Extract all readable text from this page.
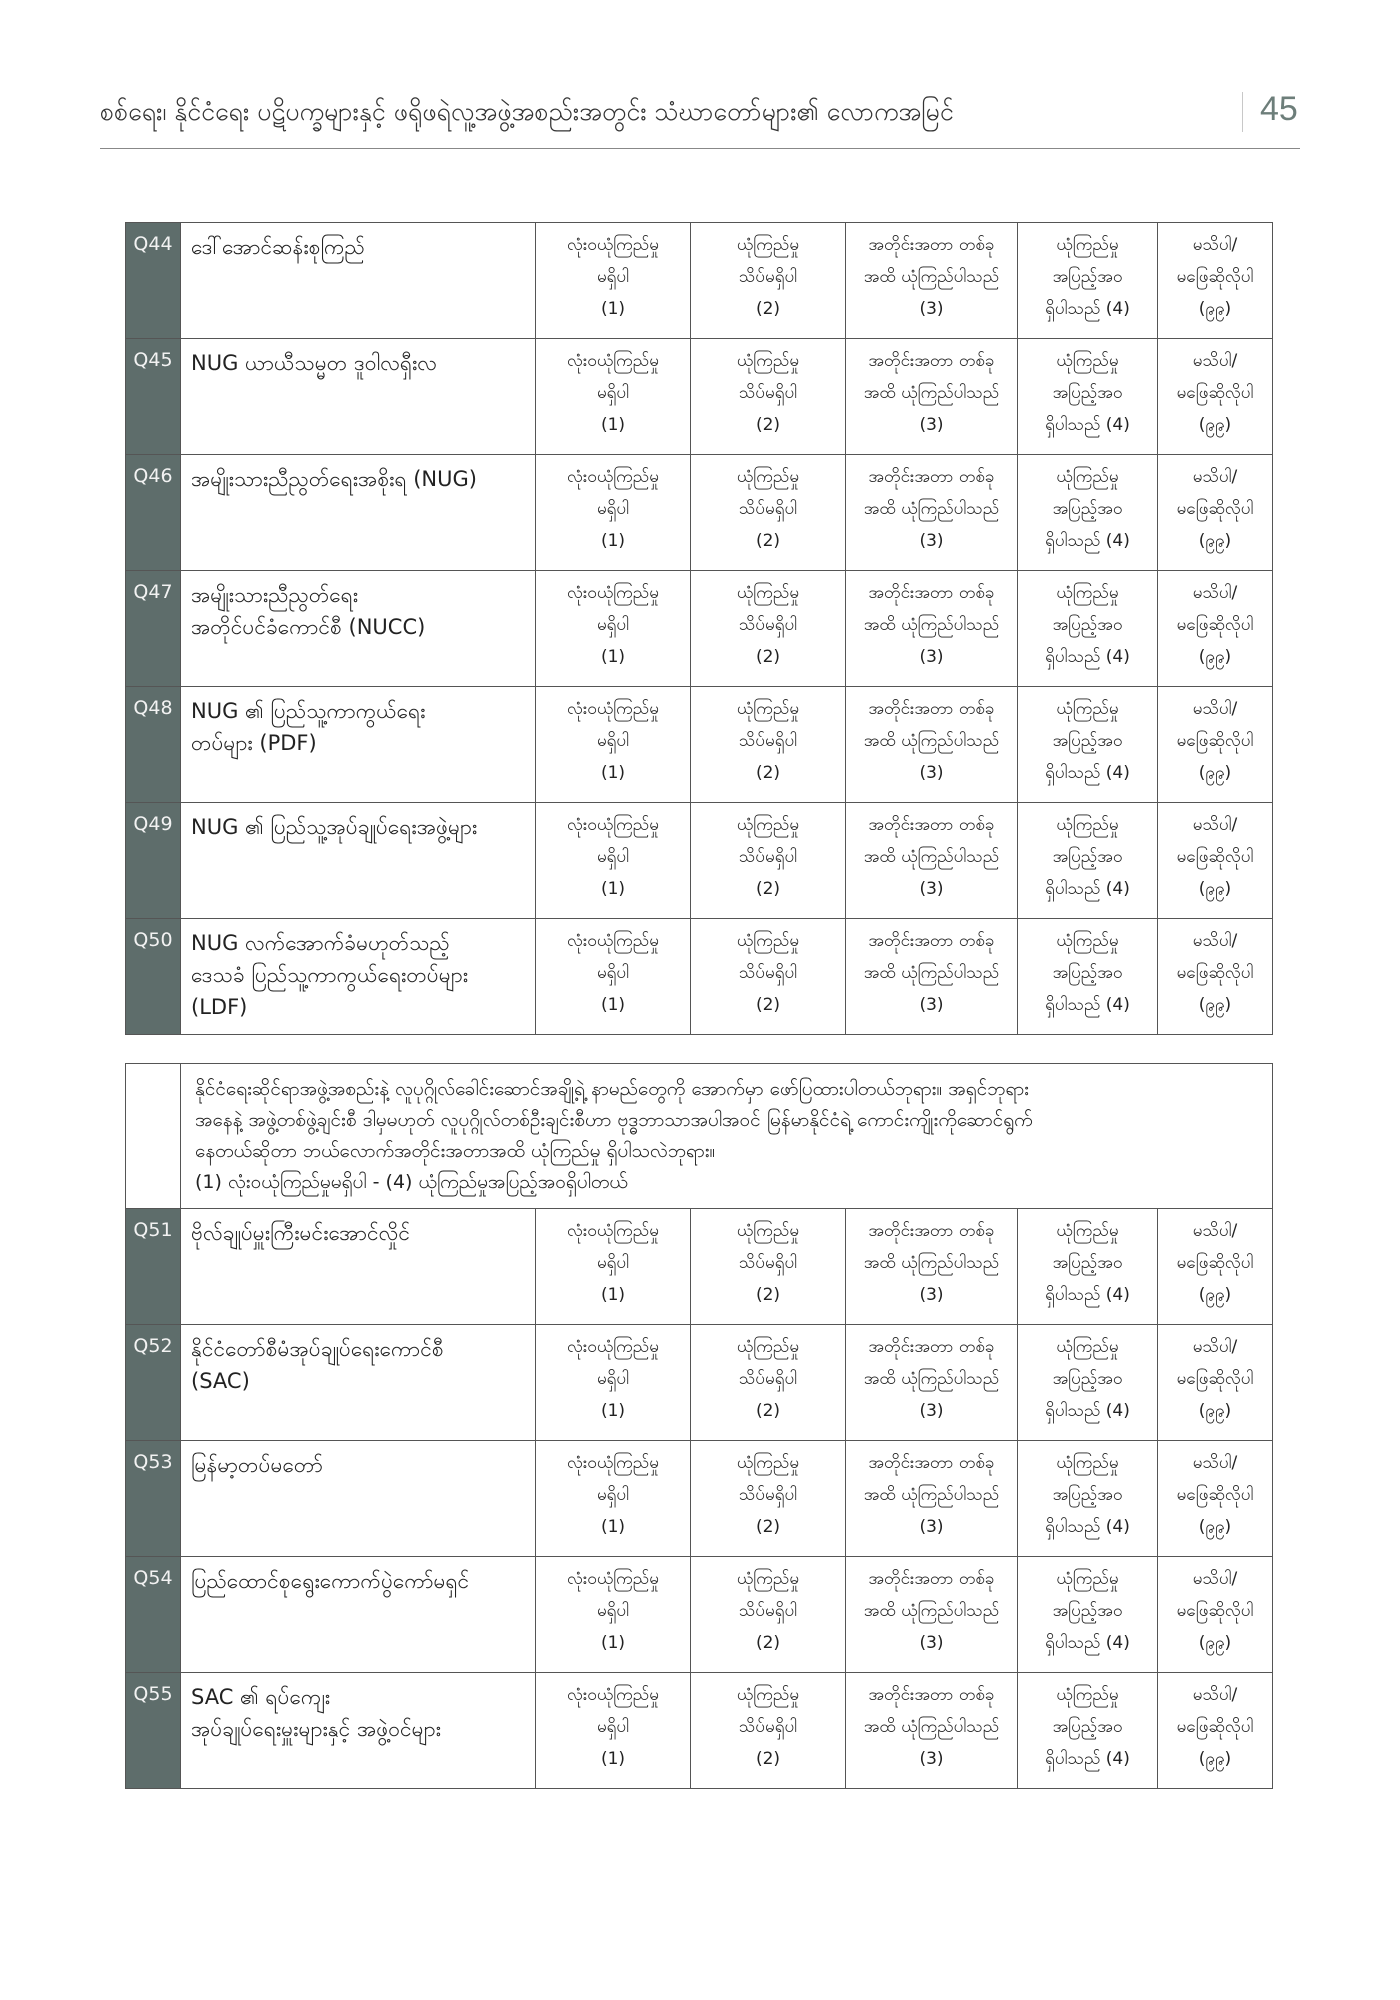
စစ်ရေး၊ နိုင်ငံရေး ပဋိပက္ခများနှင့် ဖရိုဖရဲလူ့အဖွဲ့အစည်းအတွင်း သံဃာတော်များ၏ လောကအမြင်	45
Q44	ဒေါ်အောင်ဆန်းစုကြည်	လုံးဝယုံကြည်မှု
မရှိပါ
(1)	ယုံကြည်မှု
သိပ်မရှိပါ
(2)	အတိုင်းအတာ တစ်ခု
အထိ ယုံကြည်ပါသည်
(3)	ယုံကြည်မှု
အပြည့်အဝ
ရှိပါသည် (4)	မသိပါ/
မဖြေဆိုလိုပါ
(၉၉)

Q45	NUG ယာယီသမ္မတ ဒူဝါလရှီးလ	လုံးဝယုံကြည်မှု
မရှိပါ
(1)	ယုံကြည်မှု
သိပ်မရှိပါ
(2)	အတိုင်းအတာ တစ်ခု
အထိ ယုံကြည်ပါသည်
(3)	ယုံကြည်မှု
အပြည့်အဝ
ရှိပါသည် (4)	မသိပါ/
မဖြေဆိုလိုပါ
(၉၉)

Q46	အမျိုးသားညီညွတ်ရေးအစိုးရ (NUG)	လုံးဝယုံကြည်မှု
မရှိပါ
(1)	ယုံကြည်မှု
သိပ်မရှိပါ
(2)	အတိုင်းအတာ တစ်ခု
အထိ ယုံကြည်ပါသည်
(3)	ယုံကြည်မှု
အပြည့်အဝ
ရှိပါသည် (4)	မသိပါ/
မဖြေဆိုလိုပါ
(၉၉)

Q47	အမျိုးသားညီညွတ်ရေး
အတိုင်ပင်ခံကောင်စီ (NUCC)	လုံးဝယုံကြည်မှု
မရှိပါ
(1)	ယုံကြည်မှု
သိပ်မရှိပါ
(2)	အတိုင်းအတာ တစ်ခု
အထိ ယုံကြည်ပါသည်
(3)	ယုံကြည်မှု
အပြည့်အဝ
ရှိပါသည် (4)	မသိပါ/
မဖြေဆိုလိုပါ
(၉၉)

Q48	NUG ၏ ပြည်သူ့ကာကွယ်ရေး
တပ်များ (PDF)	လုံးဝယုံကြည်မှု
မရှိပါ
(1)	ယုံကြည်မှု
သိပ်မရှိပါ
(2)	အတိုင်းအတာ တစ်ခု
အထိ ယုံကြည်ပါသည်
(3)	ယုံကြည်မှု
အပြည့်အဝ
ရှိပါသည် (4)	မသိပါ/
မဖြေဆိုလိုပါ
(၉၉)

Q49	NUG ၏ ပြည်သူ့အုပ်ချုပ်ရေးအဖွဲ့များ	လုံးဝယုံကြည်မှု
မရှိပါ
(1)	ယုံကြည်မှု
သိပ်မရှိပါ
(2)	အတိုင်းအတာ တစ်ခု
အထိ ယုံကြည်ပါသည်
(3)	ယုံကြည်မှု
အပြည့်အဝ
ရှိပါသည် (4)	မသိပါ/
မဖြေဆိုလိုပါ
(၉၉)

Q50	NUG လက်အောက်ခံမဟုတ်သည့်
ဒေသခံ ပြည်သူ့ကာကွယ်ရေးတပ်များ
(LDF)	လုံးဝယုံကြည်မှု
မရှိပါ
(1)	ယုံကြည်မှု
သိပ်မရှိပါ
(2)	အတိုင်းအတာ တစ်ခု
အထိ ယုံကြည်ပါသည်
(3)	ယုံကြည်မှု
အပြည့်အဝ
ရှိပါသည် (4)	မသိပါ/
မဖြေဆိုလိုပါ
(၉၉)

	နိုင်ငံရေးဆိုင်ရာအဖွဲ့အစည်းနဲ့ လူပုဂ္ဂိုလ်ခေါင်းဆောင်အချို့ရဲ့ နာမည်တွေကို အောက်မှာ ဖော်ပြထားပါတယ်ဘုရား။ အရှင်ဘုရား
အနေနဲ့ အဖွဲ့တစ်ဖွဲ့ချင်းစီ ဒါမှမဟုတ် လူပုဂ္ဂိုလ်တစ်ဦးချင်းစီဟာ ဗုဒ္ဓဘာသာအပါအဝင် မြန်မာနိုင်ငံရဲ့ ကောင်းကျိုးကိုဆောင်ရွက်
နေတယ်ဆိုတာ ဘယ်လောက်အတိုင်းအတာအထိ ယုံကြည်မှု ရှိပါသလဲဘုရား။
(1) လုံးဝယုံကြည်မှုမရှိပါ - (4) ယုံကြည်မှုအပြည့်အဝရှိပါတယ်					

Q51	ဗိုလ်ချုပ်မှူးကြီးမင်းအောင်လှိုင်	လုံးဝယုံကြည်မှု
မရှိပါ
(1)	ယုံကြည်မှု
သိပ်မရှိပါ
(2)	အတိုင်းအတာ တစ်ခု
အထိ ယုံကြည်ပါသည်
(3)	ယုံကြည်မှု
အပြည့်အဝ
ရှိပါသည် (4)	မသိပါ/
မဖြေဆိုလိုပါ
(၉၉)

Q52	နိုင်ငံတော်စီမံအုပ်ချုပ်ရေးကောင်စီ
(SAC)	လုံးဝယုံကြည်မှု
မရှိပါ
(1)	ယုံကြည်မှု
သိပ်မရှိပါ
(2)	အတိုင်းအတာ တစ်ခု
အထိ ယုံကြည်ပါသည်
(3)	ယုံကြည်မှု
အပြည့်အဝ
ရှိပါသည် (4)	မသိပါ/
မဖြေဆိုလိုပါ
(၉၉)

Q53	မြန်မာ့တပ်မတော်	လုံးဝယုံကြည်မှု
မရှိပါ
(1)	ယုံကြည်မှု
သိပ်မရှိပါ
(2)	အတိုင်းအတာ တစ်ခု
အထိ ယုံကြည်ပါသည်
(3)	ယုံကြည်မှု
အပြည့်အဝ
ရှိပါသည် (4)	မသိပါ/
မဖြေဆိုလိုပါ
(၉၉)

Q54	ပြည်ထောင်စုရွေးကောက်ပွဲကော်မရှင်	လုံးဝယုံကြည်မှု
မရှိပါ
(1)	ယုံကြည်မှု
သိပ်မရှိပါ
(2)	အတိုင်းအတာ တစ်ခု
အထိ ယုံကြည်ပါသည်
(3)	ယုံကြည်မှု
အပြည့်အဝ
ရှိပါသည် (4)	မသိပါ/
မဖြေဆိုလိုပါ
(၉၉)

Q55	SAC ၏ ရပ်ကျေး
အုပ်ချုပ်ရေးမှူးများနှင့် အဖွဲ့ဝင်များ	လုံးဝယုံကြည်မှု
မရှိပါ
(1)	ယုံကြည်မှု
သိပ်မရှိပါ
(2)	အတိုင်းအတာ တစ်ခု
အထိ ယုံကြည်ပါသည်
(3)	ယုံကြည်မှု
အပြည့်အဝ
ရှိပါသည် (4)	မသိပါ/
မဖြေဆိုလိုပါ
(၉၉)
